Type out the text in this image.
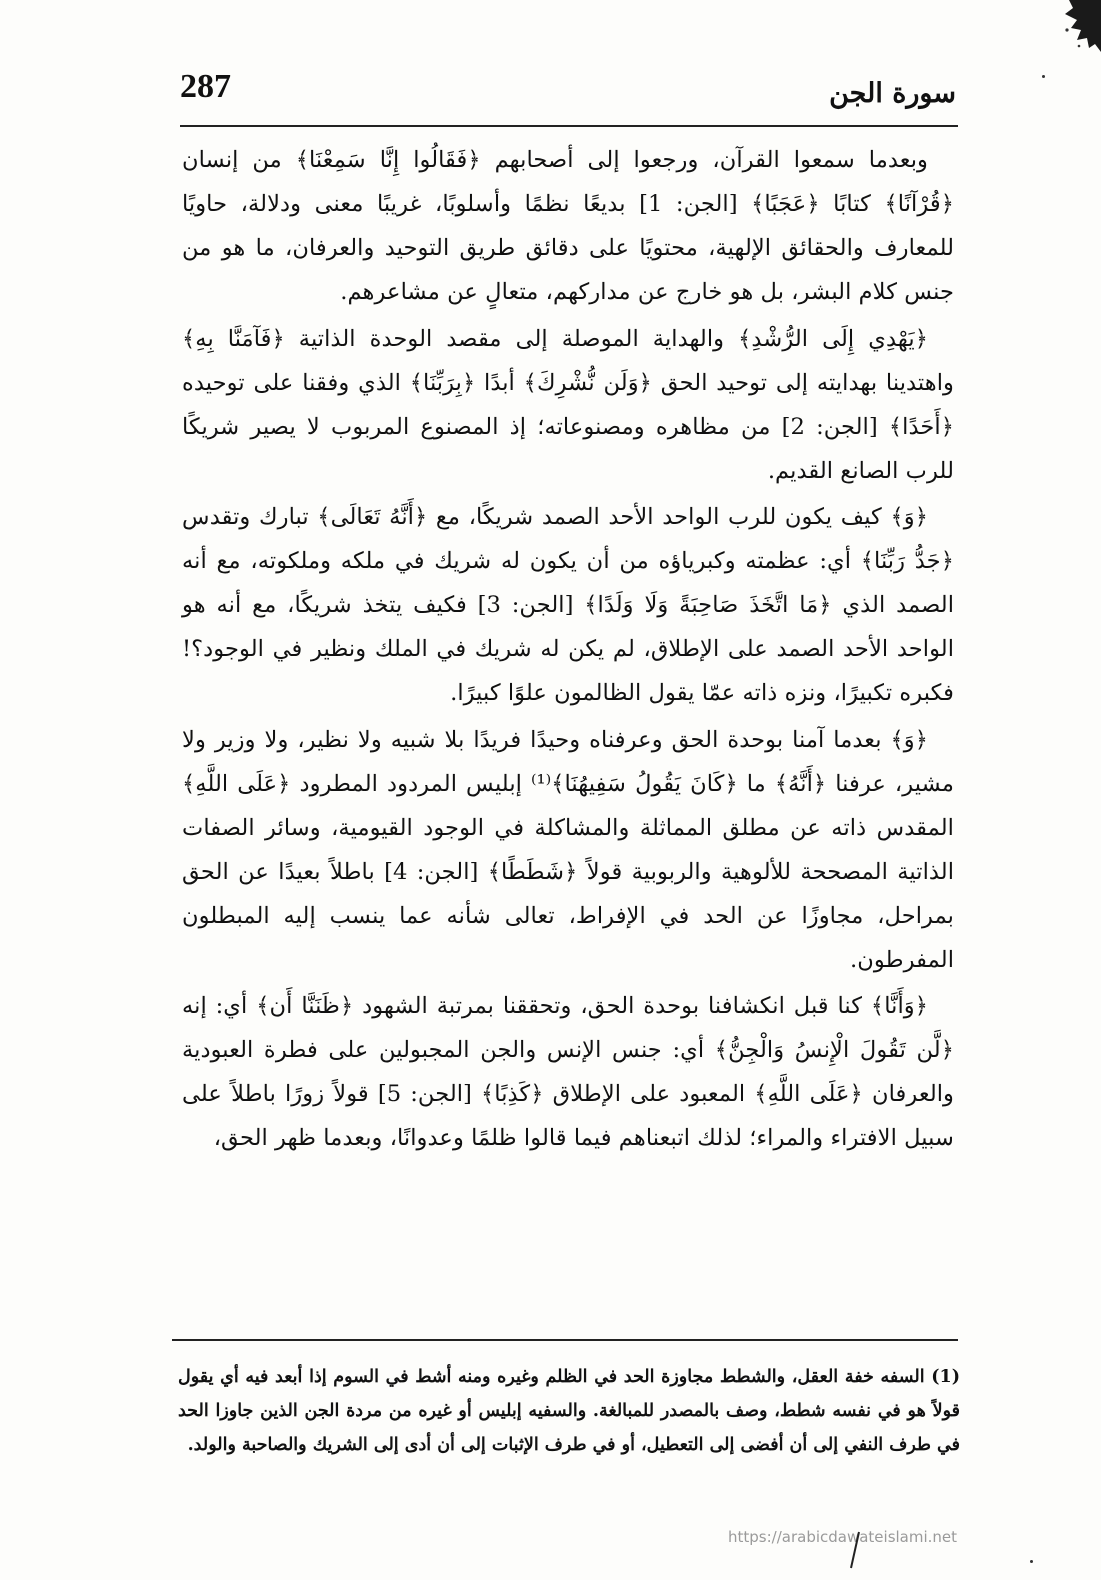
287	سورة الجن

وبعدما سمعوا القرآن، ورجعوا إلى أصحابهم ﴿فَقَالُوا إِنَّا سَمِعْنَا﴾ من إنسان ﴿قُرْآنًا﴾ كتابًا ﴿عَجَبًا﴾ [الجن: 1] بديعًا نظمًا وأسلوبًا، غريبًا معنى ودلالة، حاويًا للمعارف والحقائق الإلهية، محتويًا على دقائق طريق التوحيد والعرفان، ما هو من جنس كلام البشر، بل هو خارج عن مداركهم، متعالٍ عن مشاعرهم.

﴿يَهْدِي إِلَى الرُّشْدِ﴾ والهداية الموصلة إلى مقصد الوحدة الذاتية ﴿فَآمَنَّا بِهِ﴾ واهتدينا بهدايته إلى توحيد الحق ﴿وَلَن نُّشْرِكَ﴾ أبدًا ﴿بِرَبِّنَا﴾ الذي وفقنا على توحيده ﴿أَحَدًا﴾ [الجن: 2] من مظاهره ومصنوعاته؛ إذ المصنوع المربوب لا يصير شريكًا للرب الصانع القديم.

﴿وَ﴾ كيف يكون للرب الواحد الأحد الصمد شريكًا، مع ﴿أَنَّهُ تَعَالَى﴾ تبارك وتقدس ﴿جَدُّ رَبِّنَا﴾ أي: عظمته وكبرياؤه من أن يكون له شريك في ملكه وملكوته، مع أنه الصمد الذي ﴿مَا اتَّخَذَ صَاحِبَةً وَلَا وَلَدًا﴾ [الجن: 3] فكيف يتخذ شريكًا، مع أنه هو الواحد الأحد الصمد على الإطلاق، لم يكن له شريك في الملك ونظير في الوجود؟! فكبره تكبيرًا، ونزه ذاته عمّا يقول الظالمون علوًا كبيرًا.

﴿وَ﴾ بعدما آمنا بوحدة الحق وعرفناه وحيدًا فريدًا بلا شبيه ولا نظير، ولا وزير ولا مشير، عرفنا ﴿أَنَّهُ﴾ ما ﴿كَانَ يَقُولُ سَفِيهُنَا﴾⁽¹⁾ إبليس المردود المطرود ﴿عَلَى اللَّهِ﴾ المقدس ذاته عن مطلق المماثلة والمشاكلة في الوجود القيومية، وسائر الصفات الذاتية المصححة للألوهية والربوبية قولاً ﴿شَطَطًا﴾ [الجن: 4] باطلاً بعيدًا عن الحق بمراحل، مجاوزًا عن الحد في الإفراط، تعالى شأنه عما ينسب إليه المبطلون المفرطون.

﴿وَأَنَّا﴾ كنا قبل انكشافنا بوحدة الحق، وتحققنا بمرتبة الشهود ﴿ظَنَنَّا أَن﴾ أي: إنه ﴿لَّن تَقُولَ الْإِنسُ وَالْجِنُّ﴾ أي: جنس الإنس والجن المجبولين على فطرة العبودية والعرفان ﴿عَلَى اللَّهِ﴾ المعبود على الإطلاق ﴿كَذِبًا﴾ [الجن: 5] قولاً زورًا باطلاً على سبيل الافتراء والمراء؛ لذلك اتبعناهم فيما قالوا ظلمًا وعدوانًا، وبعدما ظهر الحق،

(1) السفه خفة العقل، والشطط مجاوزة الحد في الظلم وغيره ومنه أشط في السوم إذا أبعد فيه أي يقول قولاً هو في نفسه شطط، وصف بالمصدر للمبالغة. والسفيه إبليس أو غيره من مردة الجن الذين جاوزا الحد في طرف النفي إلى أن أفضى إلى التعطيل، أو في طرف الإثبات إلى أن أدى إلى الشريك والصاحبة والولد.

https://arabicdawateislami.net
